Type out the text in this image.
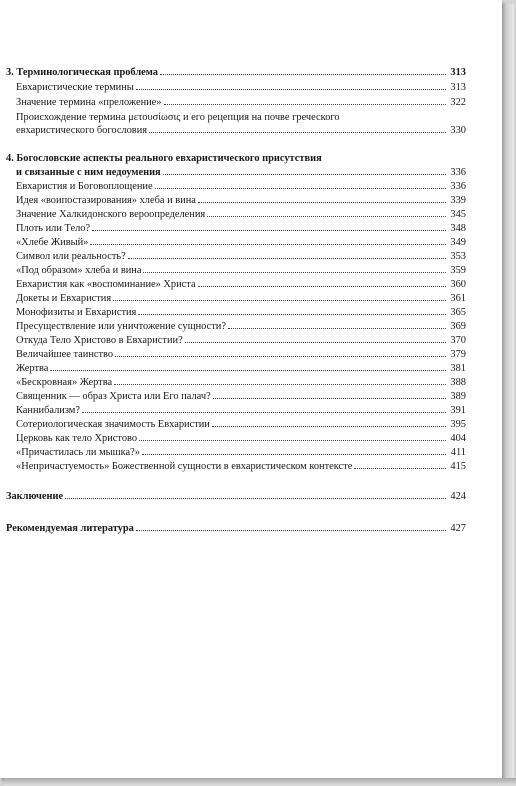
3. Терминологическая проблема	313
Евхаристические термины	313
Значение термина «преложение»	322
Происхождение термина μετουσίωσις и его рецепция на почве греческого
евхаристического богословия	330
4. Богословские аспекты реального евхаристического присутствия
и связанные с ним недоумения	336
Евхаристия и Боговоплощение	336
Идея «воипостазирования» хлеба и вина	339
Значение Халкидонского вероопределения	345
Плоть или Тело?	348
«Хлебе Живый»	349
Символ или реальность?	353
«Под образом» хлеба и вина	359
Евхаристия как «воспоминание» Христа	360
Докеты и Евхаристия	361
Монофизиты и Евхаристия	365
Пресуществление или уничтожение сущности?	369
Откуда Тело Христово в Евхаристии?	370
Величайшее таинство	379
Жертва	381
«Бескровная» Жертва	388
Священник — образ Христа или Его палач?	389
Каннибализм?	391
Сотериологическая значимость Евхаристии	395
Церковь как тело Христово	404
«Причастилась ли мышка?»	411
«Непричастуемость» Божественной сущности в евхаристическом контексте	415
Заключение	424
Рекомендуемая литература	427
